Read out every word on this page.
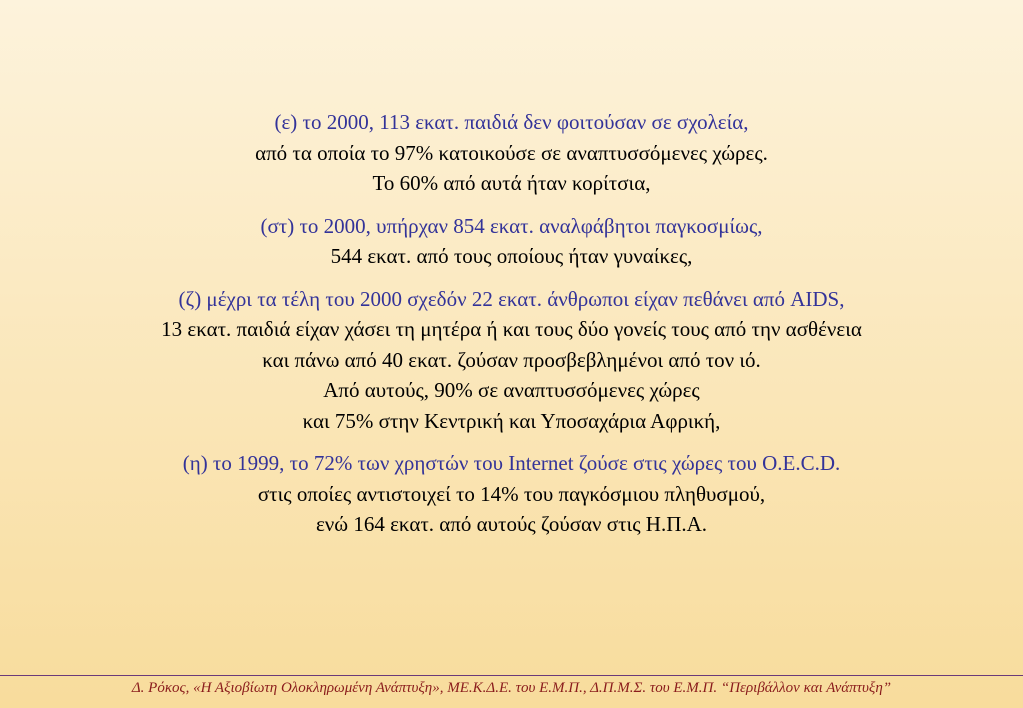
(ε) το 2000, 113 εκατ. παιδιά δεν φοιτούσαν σε σχολεία,
από τα οποία το 97% κατοικούσε σε αναπτυσσόμενες χώρες.
Το 60% από αυτά ήταν κορίτσια,
(στ) το 2000, υπήρχαν 854 εκατ. αναλφάβητοι παγκοσμίως,
544 εκατ. από τους οποίους ήταν γυναίκες,
(ζ) μέχρι τα τέλη του 2000 σχεδόν 22 εκατ. άνθρωποι είχαν πεθάνει από AIDS,
13 εκατ. παιδιά είχαν χάσει τη μητέρα ή και τους δύο γονείς τους από την ασθένεια
και πάνω από 40 εκατ. ζούσαν προσβεβλημένοι από τον ιό.
Από αυτούς, 90% σε αναπτυσσόμενες χώρες
και 75% στην Κεντρική και Υποσαχάρια Αφρική,
(η) το 1999, το 72% των χρηστών του Internet ζούσε στις χώρες του O.E.C.D.
στις οποίες αντιστοιχεί το 14% του παγκόσμιου πληθυσμού,
ενώ 164 εκατ. από αυτούς ζούσαν στις Η.Π.Α.
Δ. Ρόκος, «Η Αξιοβίωτη Ολοκληρωμένη Ανάπτυξη», ΜΕ.Κ.Δ.Ε. του Ε.Μ.Π., Δ.Π.Μ.Σ. του Ε.Μ.Π. “Περιβάλλον και Ανάπτυξη”
